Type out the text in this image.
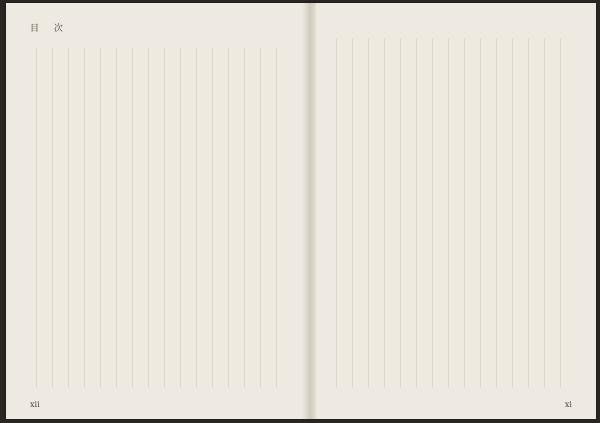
目 次
xii	xi
